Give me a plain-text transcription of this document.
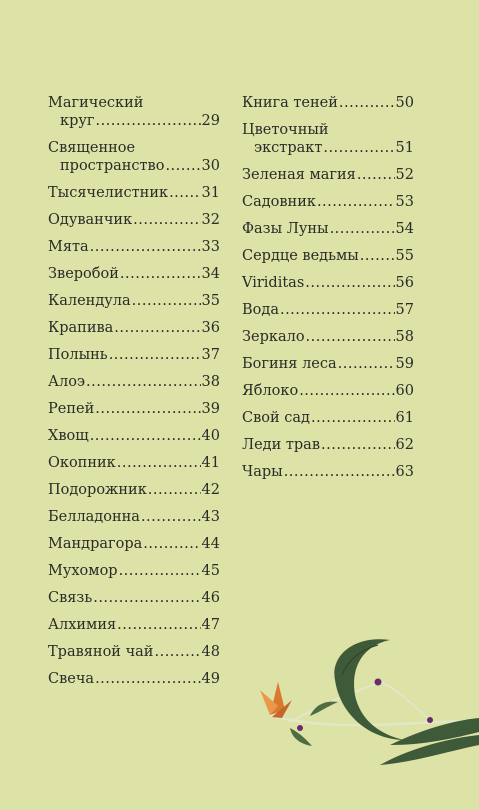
Магический
круг .....	29
Священное
пространство .....	30
Тысячелистник ..... 31
Одуванчик .....	32
Мята .....	33
Зверобой .....	34
Календула .....	35
Крапива .....	36
Полынь .....	37
Алоэ .....	38
Репей .....	39
Хвощ .....	40
Окопник .....	41
Подорожник .....	42
Белладонна .....	43
Мандрагора .....	44
Мухомор .....	45
Связь .....	46
Алхимия .....	47
Травяной чай .....	48
Свеча .....	49
Книга теней .....	50
Цветочный
экстракт .....	51
Зеленая магия .....	52
Садовник .....	53
Фазы Луны .....	54
Сердце ведьмы .....	55
Viriditas .....	56
Вода .....	57
Зеркало .....	58
Богиня леса .....	59
Яблоко .....	60
Свой сад .....	61
Леди трав .....	62
Чары .....	63
